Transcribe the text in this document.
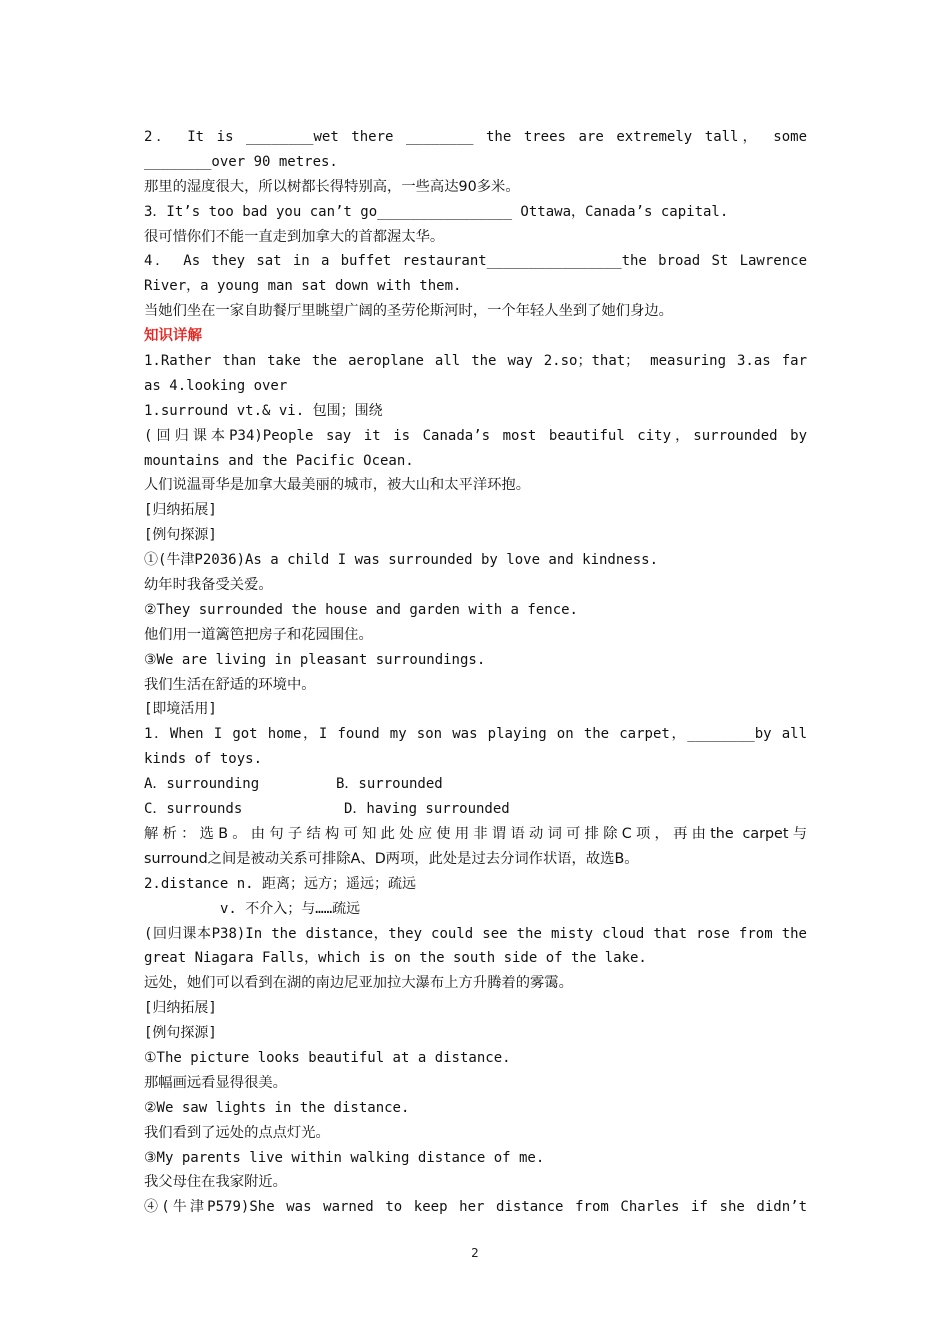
2． It is ________wet there ________ the trees are extremely tall， some
________over 90 metres.
那里的湿度很大，所以树都长得特别高，一些高达90多米。
3．It’s too bad you can’t go________________ Ottawa，Canada’s capital.
很可惜你们不能一直走到加拿大的首都渥太华。
4． As they sat in a buffet restaurant________________the broad St Lawrence
River，a young man sat down with them.
当她们坐在一家自助餐厅里眺望广阔的圣劳伦斯河时，一个年轻人坐到了她们身边。
知识详解
1.Rather than take the aeroplane all the way 2.so；that； measuring 3.as far
as 4.looking over
1.surround vt.& vi. 包围；围绕
(回归课本P34)People say it is Canada’s most beautiful city，surrounded by
mountains and the Pacific Ocean.
人们说温哥华是加拿大最美丽的城市，被大山和太平洋环抱。
[归纳拓展]
[例句探源]
①(牛津P2036)As a child I was surrounded by love and kindness.
幼年时我备受关爱。
②They surrounded the house and garden with a fence.
他们用一道篱笆把房子和花园围住。
③We are living in pleasant surroundings.
我们生活在舒适的环境中。
[即境活用]
1．When I got home，I found my son was playing on the carpet，________by all
kinds of toys.
A．surrounding	B．surrounded
C．surrounds	D．having surrounded
解析：选B。由句子结构可知此处应使用非谓语动词可排除C项，再由the carpet与
surround之间是被动关系可排除A、D两项，此处是过去分词作状语，故选B。
2.distance n. 距离；远方；遥远；疏远
v. 不介入；与……疏远
(回归课本P38)In the distance，they could see the misty cloud that rose from the
great Niagara Falls，which is on the south side of the lake.
远处，她们可以看到在湖的南边尼亚加拉大瀑布上方升腾着的雾霭。
[归纳拓展]
[例句探源]
①The picture looks beautiful at a distance.
那幅画远看显得很美。
②We saw lights in the distance.
我们看到了远处的点点灯光。
③My parents live within walking distance of me.
我父母住在我家附近。
④(牛津P579)She was warned to keep her distance from Charles if she didn’t
2
